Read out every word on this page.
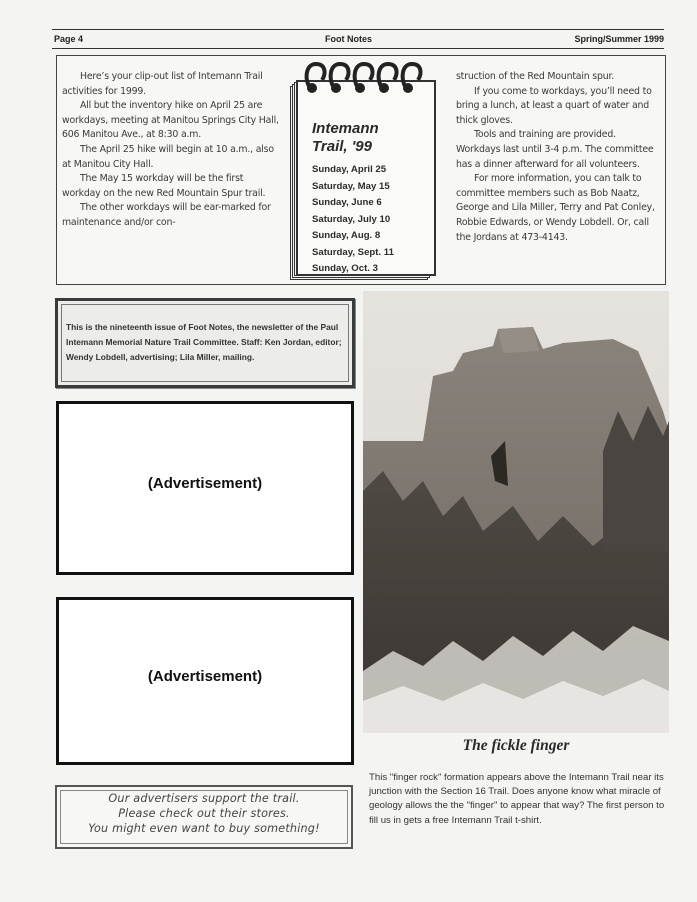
Page 4	Foot Notes	Spring/Summer 1999

Here’s your clip-out list of Intemann Trail activities for 1999.

All but the inventory hike on April 25 are workdays, meeting at Manitou Springs City Hall, 606 Manitou Ave., at 8:30 a.m.

The April 25 hike will begin at 10 a.m., also at Manitou City Hall.

The May 15 workday will be the first workday on the new Red Mountain Spur trail.

The other workdays will be ear-marked for maintenance and/or con-

Intemann
Trail, '99
Sunday, April 25
Saturday, May 15
Sunday, June 6
Saturday, July 10
Sunday, Aug. 8
Saturday, Sept. 11
Sunday, Oct. 3

struction of the Red Mountain spur.

If you come to workdays, you’ll need to bring a lunch, at least a quart of water and thick gloves.

Tools and training are provided. Workdays last until 3-4 p.m. The committee has a dinner afterward for all volunteers.

For more information, you can talk to committee members such as Bob Naatz, George and Lila Miller, Terry and Pat Conley, Robbie Edwards, or Wendy Lobdell. Or, call the Jordans at 473-4143.

This is the nineteenth issue of Foot Notes, the newsletter of the Paul Intemann Memorial Nature Trail Committee. Staff: Ken Jordan, editor; Wendy Lobdell, advertising; Lila Miller, mailing.
(Advertisement)
(Advertisement)
The fickle finger
This "finger rock" formation appears above the Intemann Trail near its junction with the Section 16 Trail. Does anyone know what miracle of geology allows the the "finger" to appear that way? The first person to fill us in gets a free Intemann Trail t-shirt.
Our advertisers support the trail.
Please check out their stores.
You might even want to buy something!
